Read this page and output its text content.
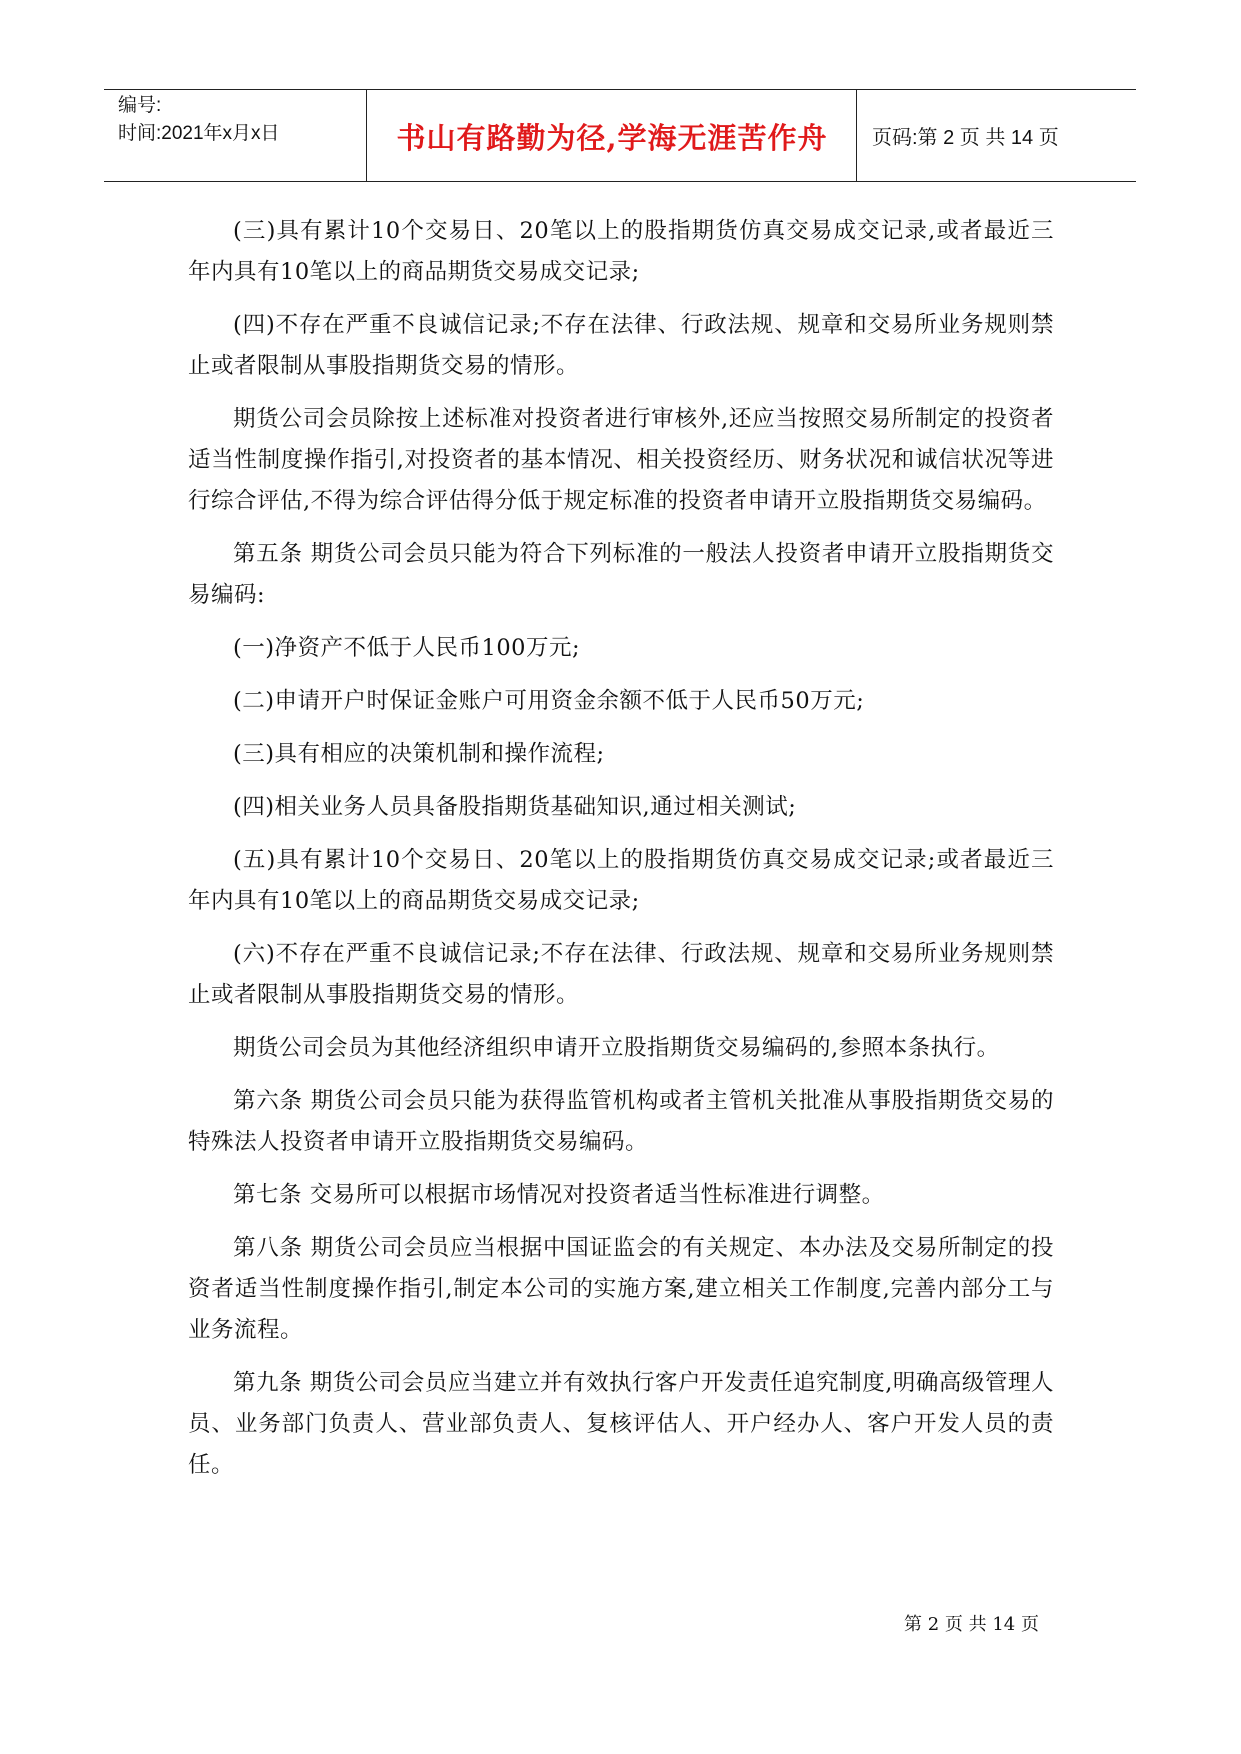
编号:
时间:2021年x月x日	书山有路勤为径,学海无涯苦作舟	页码:第 2 页 共 14 页

(三)具有累计10个交易日、20笔以上的股指期货仿真交易成交记录,或者最近三年内具有10笔以上的商品期货交易成交记录;

(四)不存在严重不良诚信记录;不存在法律、行政法规、规章和交易所业务规则禁止或者限制从事股指期货交易的情形。

期货公司会员除按上述标准对投资者进行审核外,还应当按照交易所制定的投资者适当性制度操作指引,对投资者的基本情况、相关投资经历、财务状况和诚信状况等进行综合评估,不得为综合评估得分低于规定标准的投资者申请开立股指期货交易编码。

第五条 期货公司会员只能为符合下列标准的一般法人投资者申请开立股指期货交易编码:

(一)净资产不低于人民币100万元;

(二)申请开户时保证金账户可用资金余额不低于人民币50万元;

(三)具有相应的决策机制和操作流程;

(四)相关业务人员具备股指期货基础知识,通过相关测试;

(五)具有累计10个交易日、20笔以上的股指期货仿真交易成交记录;或者最近三年内具有10笔以上的商品期货交易成交记录;

(六)不存在严重不良诚信记录;不存在法律、行政法规、规章和交易所业务规则禁止或者限制从事股指期货交易的情形。

期货公司会员为其他经济组织申请开立股指期货交易编码的,参照本条执行。

第六条 期货公司会员只能为获得监管机构或者主管机关批准从事股指期货交易的特殊法人投资者申请开立股指期货交易编码。

第七条 交易所可以根据市场情况对投资者适当性标准进行调整。

第八条 期货公司会员应当根据中国证监会的有关规定、本办法及交易所制定的投资者适当性制度操作指引,制定本公司的实施方案,建立相关工作制度,完善内部分工与业务流程。

第九条 期货公司会员应当建立并有效执行客户开发责任追究制度,明确高级管理人员、业务部门负责人、营业部负责人、复核评估人、开户经办人、客户开发人员的责任。

第 2 页 共 14 页
